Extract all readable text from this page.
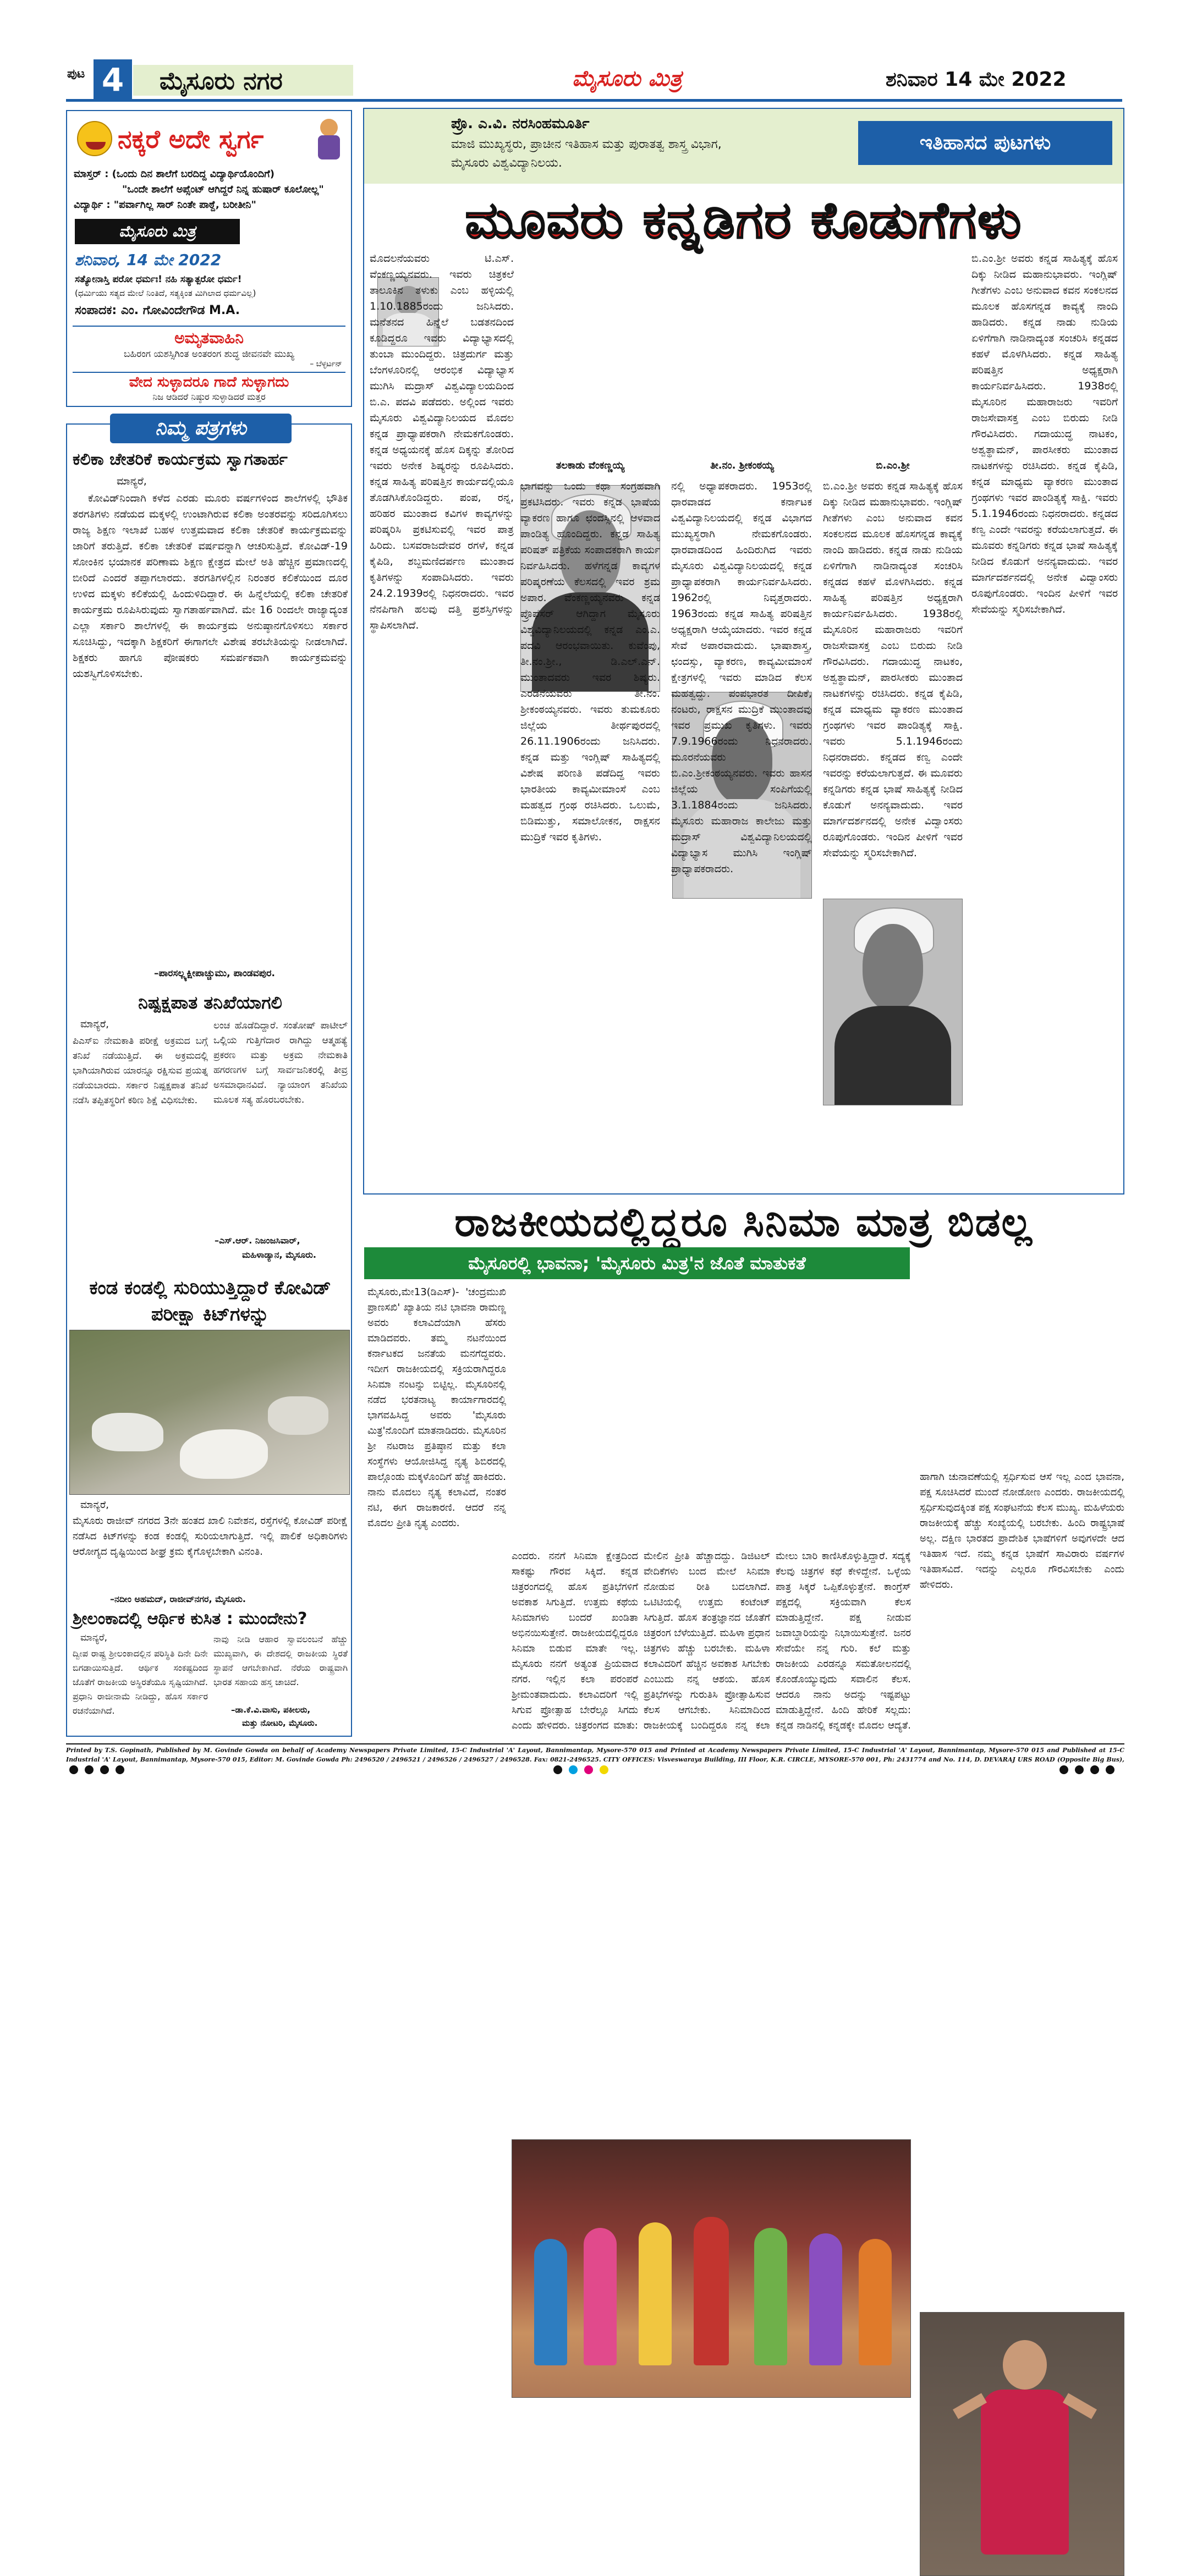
ಪುಟ 4	ಮೈಸೂರು ನಗರ	ಮೈಸೂರು ಮಿತ್ರ	ಶನಿವಾರ 14 ಮೇ 2022
ನಕ್ಕರೆ ಅದೇ ಸ್ವರ್ಗ
ಮಾಸ್ತರ್ : (ಒಂದು ದಿನ ಶಾಲೆಗೆ ಬರದಿದ್ದ ವಿದ್ಯಾರ್ಥಿಯೊಂದಿಗೆ)
"ಒಂದೇ ಶಾಲೆಗೆ ಅಪ್ಸೆಂಟ್ ಆಗಿದ್ದರೆ ನಿನ್ನ ಹುಷಾರ್ ಕೂಲೋಲ್ಲ"
ವಿದ್ಯಾರ್ಥಿ : "ಪರ್ವಾಗಿಲ್ಲ ಸಾರ್ ನಿಂತೇ ಪಾಠ್ದೆ, ಬರೀತೀನಿ"
ಮೈಸೂರು ಮಿತ್ರ
ಶನಿವಾರ, 14 ಮೇ 2022
ಸತ್ಯೋನಾಸ್ತಿ ಪರೋ ಧರ್ಮಃ! ನಹಿ ಸತ್ಯಾತ್ಪರೋ ಧರ್ಮ!
(ಧರ್ಮಿಯು ಸತ್ಯದ ಮೇಲೆ ನಿಂತಿದೆ, ಸತ್ಯಕ್ಕಿಂತ ಮಿಗಿಲಾದ ಧರ್ಮವಿಲ್ಲ)
ಸಂಪಾದಕ: ಎಂ. ಗೋವಿಂದೇಗೌಡ M.A.
ಅಮೃತವಾಹಿನಿ
ಬಹಿರಂಗ ಯಶಸ್ಸಿಗಿಂತ ಅಂತರಂಗ ಶುದ್ಧ ಜೀವನವೇ ಮುಖ್ಯ
– ಬೆಳ್ಳರ್ಟನ್
ವೇದ ಸುಳ್ಳಾದರೂ ಗಾದೆ ಸುಳ್ಳಾಗದು
ನಿಜ ಆಡಿದರೆ ನಿಷ್ಠುರ ಸುಳ್ಳಾಡಿದರೆ ಮತ್ತರ
ನಿಮ್ಮ ಪತ್ರಗಳು
ಕಲಿಕಾ ಚೇತರಿಕೆ ಕಾರ್ಯಕ್ರಮ ಸ್ವಾಗತಾರ್ಹ
ಮಾನ್ಯರೆ,
ಕೋವಿಡ್‌ನಿಂದಾಗಿ ಕಳೆದ ಎರಡು ಮೂರು ವರ್ಷಗಳಿಂದ ಶಾಲೆಗಳಲ್ಲಿ ಭೌತಿಕ ತರಗತಿಗಳು ನಡೆಯದ ಮಕ್ಕಳಲ್ಲಿ ಉಂಟಾಗಿರುವ ಕಲಿಕಾ ಅಂತರವನ್ನು ಸರಿದೂಗಿಸಲು ರಾಜ್ಯ ಶಿಕ್ಷಣ ಇಲಾಖೆ ಬಹಳ ಉತ್ತಮವಾದ ಕಲಿಕಾ ಚೇತರಿಕೆ ಕಾರ್ಯಕ್ರಮವನ್ನು ಜಾರಿಗೆ ತರುತ್ತಿದೆ. ಕಲಿಕಾ ಚೇತರಿಕೆ ವರ್ಷವನ್ನಾಗಿ ಆಚರಿಸುತ್ತಿದೆ. ಕೋವಿಡ್-19 ಸೋಂಕಿನ ಭಯಾನಕ ಪರಿಣಾಮ ಶಿಕ್ಷಣ ಕ್ಷೇತ್ರದ ಮೇಲೆ ಅತಿ ಹೆಚ್ಚಿನ ಪ್ರಮಾಣದಲ್ಲಿ ಬೀರಿದೆ ಎಂದರೆ ತಪ್ಪಾಗಲಾರದು. ತರಗತಿಗಳಲ್ಲಿನ ನಿರಂತರ ಕಲಿಕೆಯಿಂದ ದೂರ ಉಳಿದ ಮಕ್ಕಳು ಕಲಿಕೆಯಲ್ಲಿ ಹಿಂದುಳಿದಿದ್ದಾರೆ. ಈ ಹಿನ್ನೆಲೆಯಲ್ಲಿ ಕಲಿಕಾ ಚೇತರಿಕೆ ಕಾರ್ಯಕ್ರಮ ರೂಪಿಸಿರುವುದು ಸ್ವಾಗತಾರ್ಹವಾಗಿದೆ. ಮೇ 16 ರಿಂದಲೇ ರಾಜ್ಯಾದ್ಯಂತ ಎಲ್ಲಾ ಸರ್ಕಾರಿ ಶಾಲೆಗಳಲ್ಲಿ ಈ ಕಾರ್ಯಕ್ರಮ ಅನುಷ್ಠಾನಗೊಳಿಸಲು ಸರ್ಕಾರ ಸೂಚಿಸಿದ್ದು, ಇದಕ್ಕಾಗಿ ಶಿಕ್ಷಕರಿಗೆ ಈಗಾಗಲೇ ವಿಶೇಷ ತರಬೇತಿಯನ್ನು ನೀಡಲಾಗಿದೆ. ಶಿಕ್ಷಕರು ಹಾಗೂ ಪೋಷಕರು ಸಮರ್ಪಕವಾಗಿ ಕಾರ್ಯಕ್ರಮವನ್ನು ಯಶಸ್ವಿಗೊಳಿಸಬೇಕು.
–ಪಾರಸಲ್ಲ್ಯಕ್ಷೀಪಾಚ್ಚುಮು, ಪಾಂಡವಪುರ.
ನಿಷ್ಪಕ್ಷಪಾತ ತನಿಖೆಯಾಗಲಿ
ಮಾನ್ಯರೆ,
ಪಿಎಸ್‌ಐ ನೇಮಕಾತಿ ಪರೀಕ್ಷೆ ಅಕ್ರಮದ ಬಗ್ಗೆ ತನಿಖೆ ನಡೆಯುತ್ತಿದೆ. ಈ ಅಕ್ರಮದಲ್ಲಿ ಭಾಗಿಯಾಗಿರುವ ಯಾರನ್ನೂ ರಕ್ಷಿಸುವ ಪ್ರಯತ್ನ ನಡೆಯಬಾರದು. ಸರ್ಕಾರ ನಿಷ್ಪಕ್ಷಪಾತ ತನಿಖೆ ನಡೆಸಿ ತಪ್ಪಿತಸ್ಥರಿಗೆ ಕಠಿಣ ಶಿಕ್ಷೆ ವಿಧಿಸಬೇಕು.
ಲಂಚ ಹೊಡೆದಿದ್ದಾರೆ. ಸಂತೋಷ್ ಪಾಟೀಲ್ ಒಲ್ಲಿಯ ಗುತ್ತಿಗೆದಾರ ರಾಗಿದ್ದು ಆತ್ಮಹತ್ಯೆ ಪ್ರಕರಣ ಮತ್ತು ಅಕ್ರಮ ನೇಮಕಾತಿ ಹಗರಣಗಳ ಬಗ್ಗೆ ಸಾರ್ವಜನಿಕರಲ್ಲಿ ತೀವ್ರ ಅಸಮಾಧಾನವಿದೆ. ನ್ಯಾಯಾಂಗ ತನಿಖೆಯ ಮೂಲಕ ಸತ್ಯ ಹೊರಬರಬೇಕು.
–ಎಸ್.ಆರ್. ನಿಜಂಜಸಿವಾರ್,
ಮಹಿಳಾಡ್ಯಾನ, ಮೈಸೂರು.
ಕಂಡ ಕಂಡಲ್ಲಿ ಸುರಿಯುತ್ತಿದ್ದಾರೆ ಕೋವಿಡ್ ಪರೀಕ್ಷಾ ಕಿಟ್‌ಗಳನ್ನು
ಮಾನ್ಯರೆ,
ಮೈಸೂರು ರಾಜೀವ್ ನಗರದ 3ನೇ ಹಂತದ ಖಾಲಿ ನಿವೇಶನ, ರಸ್ತೆಗಳಲ್ಲಿ ಕೋವಿಡ್ ಪರೀಕ್ಷೆ ನಡೆಸಿದ ಕಿಟ್‌ಗಳನ್ನು ಕಂಡ ಕಂಡಲ್ಲಿ ಸುರಿಯಲಾಗುತ್ತಿದೆ. ಇಲ್ಲಿ ಪಾಲಿಕೆ ಅಧಿಕಾರಿಗಳು ಆರೋಗ್ಯದ ದೃಷ್ಟಿಯಿಂದ ಶೀಘ್ರ ಕ್ರಮ ಕೈಗೊಳ್ಳಬೇಕಾಗಿ ವಿನಂತಿ.
–ನದೀಂ ಅಹಮದ್, ರಾಜೀವ್‌ನಗರ, ಮೈಸೂರು.
ಶ್ರೀಲಂಕಾದಲ್ಲಿ ಆರ್ಥಿಕ ಕುಸಿತ : ಮುಂದೇನು?
ಮಾನ್ಯರೆ,
ದ್ವೀಪ ರಾಷ್ಟ್ರ ಶ್ರೀಲಂಕಾದಲ್ಲಿನ ಪರಿಸ್ಥಿತಿ ದಿನೇ ದಿನೇ ಬಿಗಡಾಯಿಸುತ್ತಿದೆ. ಆರ್ಥಿಕ ಸಂಕಷ್ಟದಿಂದ ಜೊತೆಗೆ ರಾಜಕೀಯ ಅಸ್ಥಿರತೆಯೂ ಸೃಷ್ಟಿಯಾಗಿದೆ. ಪ್ರಧಾನಿ ರಾಜೀನಾಮೆ ನೀಡಿದ್ದು, ಹೊಸ ಸರ್ಕಾರ ರಚನೆಯಾಗಿದೆ.
ನಾವು ನೀಡಿ ಆಹಾರ ಸ್ವಾವಲಂಬನೆ ಹೆಚ್ಚು ಮುಖ್ಯವಾಗಿ, ಈ ದೇಶದಲ್ಲಿ ರಾಜಕೀಯ ಸ್ಥಿರತೆ ಸ್ಥಾಪನೆ ಆಗಬೇಕಾಗಿದೆ. ನೆರೆಯ ರಾಷ್ಟ್ರವಾಗಿ ಭಾರತ ಸಹಾಯ ಹಸ್ತ ಚಾಚಿದೆ.
–ಡಾ.ಕೆ.ವಿ.ವಾಸು, ಪಕೀಲರು,
ಮತ್ತು ನೋಟರಿ, ಮೈಸೂರು.
ಪ್ರೊ. ಎ.ವಿ. ನರಸಿಂಹಮೂರ್ತಿ
ಮಾಜಿ ಮುಖ್ಯಸ್ಥರು, ಪ್ರಾಚೀನ ಇತಿಹಾಸ ಮತ್ತು ಪುರಾತತ್ವ ಶಾಸ್ತ್ರ ವಿಭಾಗ,
ಮೈಸೂರು ವಿಶ್ವವಿದ್ಯಾನಿಲಯ.
ಇತಿಹಾಸದ ಪುಟಗಳು
ಮೂವರು ಕನ್ನಡಿಗರ ಕೊಡುಗೆಗಳು
ತಲಕಾಡು ವೆಂಕಣ್ಣಯ್ಯ	ತೀ.ನಂ. ಶ್ರೀಕಂಠಯ್ಯ	ಬಿ.ಎಂ.ಶ್ರೀ
ಮೊದಲನೆಯವರು ಟಿ.ಎಸ್. ವೆಂಕಣ್ಣಯ್ಯನವರು. ಇವರು ಚಿತ್ರಕಲೆ ತಾಲೂಕಿನ ತಳುಕು ಎಂಬ ಹಳ್ಳಿಯಲ್ಲಿ 1.10.1885ರಂದು ಜನಿಸಿದರು. ಮನೆತನದ ಹಿನ್ನೆಲೆ ಬಡತನದಿಂದ ಕೂಡಿದ್ದರೂ ಇವರು ವಿದ್ಯಾಭ್ಯಾಸದಲ್ಲಿ ತುಂಬಾ ಮುಂದಿದ್ದರು. ಚಿತ್ರದುರ್ಗ ಮತ್ತು ಬೆಂಗಳೂರಿನಲ್ಲಿ ಆರಂಭಿಕ ವಿದ್ಯಾಭ್ಯಾಸ ಮುಗಿಸಿ ಮದ್ರಾಸ್ ವಿಶ್ವವಿದ್ಯಾಲಯದಿಂದ ಬಿ.ಎ. ಪದವಿ ಪಡೆದರು. ಅಲ್ಲಿಂದ ಇವರು ಮೈಸೂರು ವಿಶ್ವವಿದ್ಯಾನಿಲಯದ ಮೊದಲ ಕನ್ನಡ ಪ್ರಾಧ್ಯಾಪಕರಾಗಿ ನೇಮಕಗೊಂಡರು. ಕನ್ನಡ ಅಧ್ಯಯನಕ್ಕೆ ಹೊಸ ದಿಕ್ಕನ್ನು ತೋರಿದ ಇವರು ಅನೇಕ ಶಿಷ್ಯರನ್ನು ರೂಪಿಸಿದರು. ಕನ್ನಡ ಸಾಹಿತ್ಯ ಪರಿಷತ್ತಿನ ಕಾರ್ಯದಲ್ಲಿಯೂ ತೊಡಗಿಸಿಕೊಂಡಿದ್ದರು. ಪಂಪ, ರನ್ನ, ಹರಿಹರ ಮುಂತಾದ ಕವಿಗಳ ಕಾವ್ಯಗಳನ್ನು ಪರಿಷ್ಕರಿಸಿ ಪ್ರಕಟಿಸುವಲ್ಲಿ ಇವರ ಪಾತ್ರ ಹಿರಿದು. ಬಸವರಾಜದೇವರ ರಗಳೆ, ಕನ್ನಡ ಕೈಪಿಡಿ, ಶಬ್ದಮಣಿದರ್ಪಣ ಮುಂತಾದ ಕೃತಿಗಳನ್ನು ಸಂಪಾದಿಸಿದರು. ಇವರು 24.2.1939ರಲ್ಲಿ ನಿಧನರಾದರು. ಇವರ ನೆನಪಿಗಾಗಿ ಹಲವು ದತ್ತಿ ಪ್ರಶಸ್ತಿಗಳನ್ನು ಸ್ಥಾಪಿಸಲಾಗಿದೆ.
ಭಾಗವನ್ನು ಒಂದು ಕಥಾ ಸಂಗ್ರಹವಾಗಿ ಪ್ರಕಟಿಸಿದರು. ಇವರು ಕನ್ನಡ ಭಾಷೆಯ ವ್ಯಾಕರಣ ಹಾಗೂ ಛಂದಸ್ಸಿನಲ್ಲಿ ಆಳವಾದ ಪಾಂಡಿತ್ಯ ಹೊಂದಿದ್ದರು. ಕನ್ನಡ ಸಾಹಿತ್ಯ ಪರಿಷತ್ ಪತ್ರಿಕೆಯ ಸಂಪಾದಕರಾಗಿ ಕಾರ್ಯ ನಿರ್ವಹಿಸಿದರು. ಹಳೆಗನ್ನಡ ಕಾವ್ಯಗಳ ಪರಿಷ್ಕರಣೆಯ ಕೆಲಸದಲ್ಲಿ ಇವರ ಶ್ರಮ ಅಪಾರ. ವೆಂಕಣ್ಣಯ್ಯನವರು ಕನ್ನಡ ಪ್ರೊಫೆಸರ್ ಆಗಿದ್ದಾಗ ಮೈಸೂರು ವಿಶ್ವವಿದ್ಯಾನಿಲಯದಲ್ಲಿ ಕನ್ನಡ ಎಂ.ಎ. ಪದವಿ ಆರಂಭವಾಯಿತು. ಕುವೆಂಪು, ತೀ.ನಂ.ಶ್ರೀ., ಡಿ.ಎಲ್.ಎನ್. ಮುಂತಾದವರು ಇವರ ಶಿಷ್ಯರು. ಎರಡನೆಯವರು ತೀ.ನಂ. ಶ್ರೀಕಂಠಯ್ಯನವರು. ಇವರು ತುಮಕೂರು ಜಿಲ್ಲೆಯ ತೀರ್ಥಪುರದಲ್ಲಿ 26.11.1906ರಂದು ಜನಿಸಿದರು. ಕನ್ನಡ ಮತ್ತು ಇಂಗ್ಲಿಷ್ ಸಾಹಿತ್ಯದಲ್ಲಿ ವಿಶೇಷ ಪರಿಣತಿ ಪಡೆದಿದ್ದ ಇವರು ಭಾರತೀಯ ಕಾವ್ಯಮೀಮಾಂಸೆ ಎಂಬ ಮಹತ್ವದ ಗ್ರಂಥ ರಚಿಸಿದರು. ಒಲುಮೆ, ಬಿಡಿಮುತ್ತು, ಸಮಾಲೋಕನ, ರಾಕ್ಷಸನ ಮುದ್ರಿಕೆ ಇವರ ಕೃತಿಗಳು.
ನಲ್ಲಿ ಅಧ್ಯಾಪಕರಾದರು. 1953ರಲ್ಲಿ ಧಾರವಾಡದ ಕರ್ನಾಟಕ ವಿಶ್ವವಿದ್ಯಾನಿಲಯದಲ್ಲಿ ಕನ್ನಡ ವಿಭಾಗದ ಮುಖ್ಯಸ್ಥರಾಗಿ ನೇಮಕಗೊಂಡರು. ಧಾರವಾಡದಿಂದ ಹಿಂದಿರುಗಿದ ಇವರು ಮೈಸೂರು ವಿಶ್ವವಿದ್ಯಾನಿಲಯದಲ್ಲಿ ಕನ್ನಡ ಪ್ರಾಧ್ಯಾಪಕರಾಗಿ ಕಾರ್ಯನಿರ್ವಹಿಸಿದರು. 1962ರಲ್ಲಿ ನಿವೃತ್ತರಾದರು. 1963ರಂದು ಕನ್ನಡ ಸಾಹಿತ್ಯ ಪರಿಷತ್ತಿನ ಅಧ್ಯಕ್ಷರಾಗಿ ಆಯ್ಕೆಯಾದರು. ಇವರ ಕನ್ನಡ ಸೇವೆ ಅಪಾರವಾದುದು. ಭಾಷಾಶಾಸ್ತ್ರ, ಛಂದಸ್ಸು, ವ್ಯಾಕರಣ, ಕಾವ್ಯಮೀಮಾಂಸೆ ಕ್ಷೇತ್ರಗಳಲ್ಲಿ ಇವರು ಮಾಡಿದ ಕೆಲಸ ಮಹತ್ವದ್ದು. ಪಂಪಭಾರತ ದೀಪಿಕೆ, ನಂಟರು, ರಾಕ್ಷಸನ ಮುದ್ರಿಕೆ ಮುಂತಾದವು ಇವರ ಪ್ರಮುಖ ಕೃತಿಗಳು. ಇವರು 7.9.1966ರಂದು ನಿಧನರಾದರು. ಮೂರನೆಯವರು ಬಿ.ಎಂ.ಶ್ರೀಕಂಠಯ್ಯನವರು. ಇವರು ಹಾಸನ ಜಿಲ್ಲೆಯ ಸಂಪಿಗೆಯಲ್ಲಿ 3.1.1884ರಂದು ಜನಿಸಿದರು. ಮೈಸೂರು ಮಹಾರಾಜ ಕಾಲೇಜು ಮತ್ತು ಮದ್ರಾಸ್ ವಿಶ್ವವಿದ್ಯಾನಿಲಯದಲ್ಲಿ ವಿದ್ಯಾಭ್ಯಾಸ ಮುಗಿಸಿ ಇಂಗ್ಲಿಷ್ ಪ್ರಾಧ್ಯಾಪಕರಾದರು.
ಬಿ.ಎಂ.ಶ್ರೀ ಅವರು ಕನ್ನಡ ಸಾಹಿತ್ಯಕ್ಕೆ ಹೊಸ ದಿಕ್ಕು ನೀಡಿದ ಮಹಾನುಭಾವರು. ಇಂಗ್ಲಿಷ್ ಗೀತೆಗಳು ಎಂಬ ಅನುವಾದ ಕವನ ಸಂಕಲನದ ಮೂಲಕ ಹೊಸಗನ್ನಡ ಕಾವ್ಯಕ್ಕೆ ನಾಂದಿ ಹಾಡಿದರು. ಕನ್ನಡ ನಾಡು ನುಡಿಯ ಏಳಿಗೆಗಾಗಿ ನಾಡಿನಾದ್ಯಂತ ಸಂಚರಿಸಿ ಕನ್ನಡದ ಕಹಳೆ ಮೊಳಗಿಸಿದರು. ಕನ್ನಡ ಸಾಹಿತ್ಯ ಪರಿಷತ್ತಿನ ಅಧ್ಯಕ್ಷರಾಗಿ ಕಾರ್ಯನಿರ್ವಹಿಸಿದರು. 1938ರಲ್ಲಿ ಮೈಸೂರಿನ ಮಹಾರಾಜರು ಇವರಿಗೆ ರಾಜಸೇವಾಸಕ್ತ ಎಂಬ ಬಿರುದು ನೀಡಿ ಗೌರವಿಸಿದರು. ಗದಾಯುದ್ಧ ನಾಟಕಂ, ಅಶ್ವತ್ಥಾಮನ್, ಪಾರಸೀಕರು ಮುಂತಾದ ನಾಟಕಗಳನ್ನು ರಚಿಸಿದರು. ಕನ್ನಡ ಕೈಪಿಡಿ, ಕನ್ನಡ ಮಾಧ್ಯಮ ವ್ಯಾಕರಣ ಮುಂತಾದ ಗ್ರಂಥಗಳು ಇವರ ಪಾಂಡಿತ್ಯಕ್ಕೆ ಸಾಕ್ಷಿ. ಇವರು 5.1.1946ರಂದು ನಿಧನರಾದರು. ಕನ್ನಡದ ಕಣ್ವ ಎಂದೇ ಇವರನ್ನು ಕರೆಯಲಾಗುತ್ತದೆ. ಈ ಮೂವರು ಕನ್ನಡಿಗರು ಕನ್ನಡ ಭಾಷೆ ಸಾಹಿತ್ಯಕ್ಕೆ ನೀಡಿದ ಕೊಡುಗೆ ಅನನ್ಯವಾದುದು. ಇವರ ಮಾರ್ಗದರ್ಶನದಲ್ಲಿ ಅನೇಕ ವಿದ್ವಾಂಸರು ರೂಪುಗೊಂಡರು. ಇಂದಿನ ಪೀಳಿಗೆ ಇವರ ಸೇವೆಯನ್ನು ಸ್ಮರಿಸಬೇಕಾಗಿದೆ.
ಬಿ.ಎಂ.ಶ್ರೀ ಅವರು ಕನ್ನಡ ಸಾಹಿತ್ಯಕ್ಕೆ ಹೊಸ ದಿಕ್ಕು ನೀಡಿದ ಮಹಾನುಭಾವರು. ಇಂಗ್ಲಿಷ್ ಗೀತೆಗಳು ಎಂಬ ಅನುವಾದ ಕವನ ಸಂಕಲನದ ಮೂಲಕ ಹೊಸಗನ್ನಡ ಕಾವ್ಯಕ್ಕೆ ನಾಂದಿ ಹಾಡಿದರು. ಕನ್ನಡ ನಾಡು ನುಡಿಯ ಏಳಿಗೆಗಾಗಿ ನಾಡಿನಾದ್ಯಂತ ಸಂಚರಿಸಿ ಕನ್ನಡದ ಕಹಳೆ ಮೊಳಗಿಸಿದರು. ಕನ್ನಡ ಸಾಹಿತ್ಯ ಪರಿಷತ್ತಿನ ಅಧ್ಯಕ್ಷರಾಗಿ ಕಾರ್ಯನಿರ್ವಹಿಸಿದರು. 1938ರಲ್ಲಿ ಮೈಸೂರಿನ ಮಹಾರಾಜರು ಇವರಿಗೆ ರಾಜಸೇವಾಸಕ್ತ ಎಂಬ ಬಿರುದು ನೀಡಿ ಗೌರವಿಸಿದರು. ಗದಾಯುದ್ಧ ನಾಟಕಂ, ಅಶ್ವತ್ಥಾಮನ್, ಪಾರಸೀಕರು ಮುಂತಾದ ನಾಟಕಗಳನ್ನು ರಚಿಸಿದರು. ಕನ್ನಡ ಕೈಪಿಡಿ, ಕನ್ನಡ ಮಾಧ್ಯಮ ವ್ಯಾಕರಣ ಮುಂತಾದ ಗ್ರಂಥಗಳು ಇವರ ಪಾಂಡಿತ್ಯಕ್ಕೆ ಸಾಕ್ಷಿ. ಇವರು 5.1.1946ರಂದು ನಿಧನರಾದರು. ಕನ್ನಡದ ಕಣ್ವ ಎಂದೇ ಇವರನ್ನು ಕರೆಯಲಾಗುತ್ತದೆ. ಈ ಮೂವರು ಕನ್ನಡಿಗರು ಕನ್ನಡ ಭಾಷೆ ಸಾಹಿತ್ಯಕ್ಕೆ ನೀಡಿದ ಕೊಡುಗೆ ಅನನ್ಯವಾದುದು. ಇವರ ಮಾರ್ಗದರ್ಶನದಲ್ಲಿ ಅನೇಕ ವಿದ್ವಾಂಸರು ರೂಪುಗೊಂಡರು. ಇಂದಿನ ಪೀಳಿಗೆ ಇವರ ಸೇವೆಯನ್ನು ಸ್ಮರಿಸಬೇಕಾಗಿದೆ.
ರಾಜಕೀಯದಲ್ಲಿದ್ದರೂ ಸಿನಿಮಾ ಮಾತ್ರ ಬಿಡಲ್ಲ
ಮೈಸೂರಲ್ಲಿ ಭಾವನಾ; 'ಮೈಸೂರು ಮಿತ್ರ'ನ ಜೊತೆ ಮಾತುಕತೆ
ಮೈಸೂರು,ಮೇ13(ಡಿಎಸ್)- 'ಚಂದ್ರಮುಖಿ ಪ್ರಾಣಸಖಿ' ಖ್ಯಾತಿಯ ನಟಿ ಭಾವನಾ ರಾಮಣ್ಣ ಅವರು ಕಲಾವಿದೆಯಾಗಿ ಹೆಸರು ಮಾಡಿದವರು. ತಮ್ಮ ನಟನೆಯಿಂದ ಕರ್ನಾಟಕದ ಜನತೆಯ ಮನಗೆದ್ದವರು. ಇದೀಗ ರಾಜಕೀಯದಲ್ಲಿ ಸಕ್ರಿಯರಾಗಿದ್ದರೂ ಸಿನಿಮಾ ನಂಟನ್ನು ಬಿಟ್ಟಿಲ್ಲ. ಮೈಸೂರಿನಲ್ಲಿ ನಡೆದ ಭರತನಾಟ್ಯ ಕಾರ್ಯಾಗಾರದಲ್ಲಿ ಭಾಗವಹಿಸಿದ್ದ ಅವರು 'ಮೈಸೂರು ಮಿತ್ರ'ನೊಂದಿಗೆ ಮಾತನಾಡಿದರು. ಮೈಸೂರಿನ ಶ್ರೀ ನಟರಾಜ ಪ್ರತಿಷ್ಠಾನ ಮತ್ತು ಕಲಾ ಸಂಸ್ಥೆಗಳು ಆಯೋಜಿಸಿದ್ದ ನೃತ್ಯ ಶಿಬಿರದಲ್ಲಿ ಪಾಲ್ಗೊಂಡು ಮಕ್ಕಳೊಂದಿಗೆ ಹೆಜ್ಜೆ ಹಾಕಿದರು. ನಾನು ಮೊದಲು ನೃತ್ಯ ಕಲಾವಿದೆ, ನಂತರ ನಟಿ, ಈಗ ರಾಜಕಾರಣಿ. ಆದರೆ ನನ್ನ ಮೊದಲ ಪ್ರೀತಿ ನೃತ್ಯ ಎಂದರು.
ಎಂದರು. ನನಗೆ ಸಿನಿಮಾ ಕ್ಷೇತ್ರದಿಂದ ಸಾಕಷ್ಟು ಗೌರವ ಸಿಕ್ಕಿದೆ. ಕನ್ನಡ ಚಿತ್ರರಂಗದಲ್ಲಿ ಹೊಸ ಪ್ರತಿಭೆಗಳಿಗೆ ಅವಕಾಶ ಸಿಗುತ್ತಿದೆ. ಉತ್ತಮ ಕಥೆಯ ಸಿನಿಮಾಗಳು ಬಂದರೆ ಖಂಡಿತಾ ಅಭಿನಯಿಸುತ್ತೇನೆ. ರಾಜಕೀಯದಲ್ಲಿದ್ದರೂ ಸಿನಿಮಾ ಬಿಡುವ ಮಾತೇ ಇಲ್ಲ. ಮೈಸೂರು ನನಗೆ ಅತ್ಯಂತ ಪ್ರಿಯವಾದ ನಗರ. ಇಲ್ಲಿನ ಕಲಾ ಪರಂಪರೆ ಶ್ರೀಮಂತವಾದುದು. ಕಲಾವಿದರಿಗೆ ಇಲ್ಲಿ ಸಿಗುವ ಪ್ರೋತ್ಸಾಹ ಬೇರೆಲ್ಲೂ ಸಿಗದು ಎಂದು ಹೇಳಿದರು. ಚಿತ್ರರಂಗದ ಮಾತು:
ಮೇಲಿನ ಪ್ರೀತಿ ಹೆಚ್ಚಾದದ್ದು. ಡಿಜಿಟಲ್ ವೇದಿಕೆಗಳು ಬಂದ ಮೇಲೆ ಸಿನಿಮಾ ನೋಡುವ ರೀತಿ ಬದಲಾಗಿದೆ. ಒಟಿಟಿಯಲ್ಲಿ ಉತ್ತಮ ಕಂಟೆಂಟ್ ಸಿಗುತ್ತಿದೆ. ಹೊಸ ತಂತ್ರಜ್ಞಾನದ ಜೊತೆಗೆ ಚಿತ್ರರಂಗ ಬೆಳೆಯುತ್ತಿದೆ. ಮಹಿಳಾ ಪ್ರಧಾನ ಚಿತ್ರಗಳು ಹೆಚ್ಚು ಬರಬೇಕು. ಮಹಿಳಾ ಕಲಾವಿದರಿಗೆ ಹೆಚ್ಚಿನ ಅವಕಾಶ ಸಿಗಬೇಕು ಎಂಬುದು ನನ್ನ ಆಶಯ. ಹೊಸ ಪ್ರತಿಭೆಗಳನ್ನು ಗುರುತಿಸಿ ಪ್ರೋತ್ಸಾಹಿಸುವ ಕೆಲಸ ಆಗಬೇಕು. ಸಿನಿಮಾದಿಂದ ರಾಜಕೀಯಕ್ಕೆ ಬಂದಿದ್ದರೂ ನನ್ನ ಕಲಾ
ಮೇಲು ಬಾರಿ ಕಾಣಿಸಿಕೊಳ್ಳುತ್ತಿದ್ದಾರೆ. ಸದ್ಯಕ್ಕೆ ಕೆಲವು ಚಿತ್ರಗಳ ಕಥೆ ಕೇಳಿದ್ದೇನೆ. ಒಳ್ಳೆಯ ಪಾತ್ರ ಸಿಕ್ಕರೆ ಒಪ್ಪಿಕೊಳ್ಳುತ್ತೇನೆ. ಕಾಂಗ್ರೆಸ್ ಪಕ್ಷದಲ್ಲಿ ಸಕ್ರಿಯವಾಗಿ ಕೆಲಸ ಮಾಡುತ್ತಿದ್ದೇನೆ. ಪಕ್ಷ ನೀಡುವ ಜವಾಬ್ದಾರಿಯನ್ನು ನಿಭಾಯಿಸುತ್ತೇನೆ. ಜನರ ಸೇವೆಯೇ ನನ್ನ ಗುರಿ. ಕಲೆ ಮತ್ತು ರಾಜಕೀಯ ಎರಡನ್ನೂ ಸಮತೋಲನದಲ್ಲಿ ಕೊಂಡೊಯ್ಯುವುದು ಸವಾಲಿನ ಕೆಲಸ. ಆದರೂ ನಾನು ಅದನ್ನು ಇಷ್ಟಪಟ್ಟು ಮಾಡುತ್ತಿದ್ದೇನೆ. ಹಿಂದಿ ಹೇರಿಕೆ ಸಲ್ಲದು: ಕನ್ನಡ ನಾಡಿನಲ್ಲಿ ಕನ್ನಡಕ್ಕೇ ಮೊದಲ ಆದ್ಯತೆ.
ಹಾಗಾಗಿ ಚುನಾವಣೆಯಲ್ಲಿ ಸ್ಪರ್ಧಿಸುವ ಆಸೆ ಇಲ್ಲ ಎಂದ ಭಾವನಾ, ಪಕ್ಷ ಸೂಚಿಸಿದರೆ ಮುಂದೆ ನೋಡೋಣ ಎಂದರು. ರಾಜಕೀಯದಲ್ಲಿ ಸ್ಪರ್ಧಿಸುವುದಕ್ಕಿಂತ ಪಕ್ಷ ಸಂಘಟನೆಯ ಕೆಲಸ ಮುಖ್ಯ. ಮಹಿಳೆಯರು ರಾಜಕೀಯಕ್ಕೆ ಹೆಚ್ಚು ಸಂಖ್ಯೆಯಲ್ಲಿ ಬರಬೇಕು. ಹಿಂದಿ ರಾಷ್ಟ್ರಭಾಷೆ ಅಲ್ಲ. ದಕ್ಷಿಣ ಭಾರತದ ಪ್ರಾದೇಶಿಕ ಭಾಷೆಗಳಿಗೆ ಅವುಗಳದೇ ಆದ ಇತಿಹಾಸ ಇದೆ. ನಮ್ಮ ಕನ್ನಡ ಭಾಷೆಗೆ ಸಾವಿರಾರು ವರ್ಷಗಳ ಇತಿಹಾಸವಿದೆ. ಇದನ್ನು ಎಲ್ಲರೂ ಗೌರವಿಸಬೇಕು ಎಂದು ಹೇಳಿದರು.
Printed by T.S. Gopinath, Published by M. Govinde Gowda on behalf of Academy Newspapers Private Limited, 15-C Industrial 'A' Layout, Bannimantap, Mysore-570 015 and Printed at Academy Newspapers Private Limited, 15-C Industrial 'A' Layout, Bannimantap, Mysore-570 015 and Published at 15-C Industrial 'A' Layout, Bannimantap, Mysore-570 015, Editor: M. Govinde Gowda Ph: 2496520 / 2496521 / 2496526 / 2496527 / 2496528. Fax: 0821-2496525. CITY OFFICES: Visveswaraya Building, III Floor, K.R. CIRCLE, MYSORE-570 001, Ph: 2431774 and No. 114, D. DEVARAJ URS ROAD (Opposite Big Bus),
